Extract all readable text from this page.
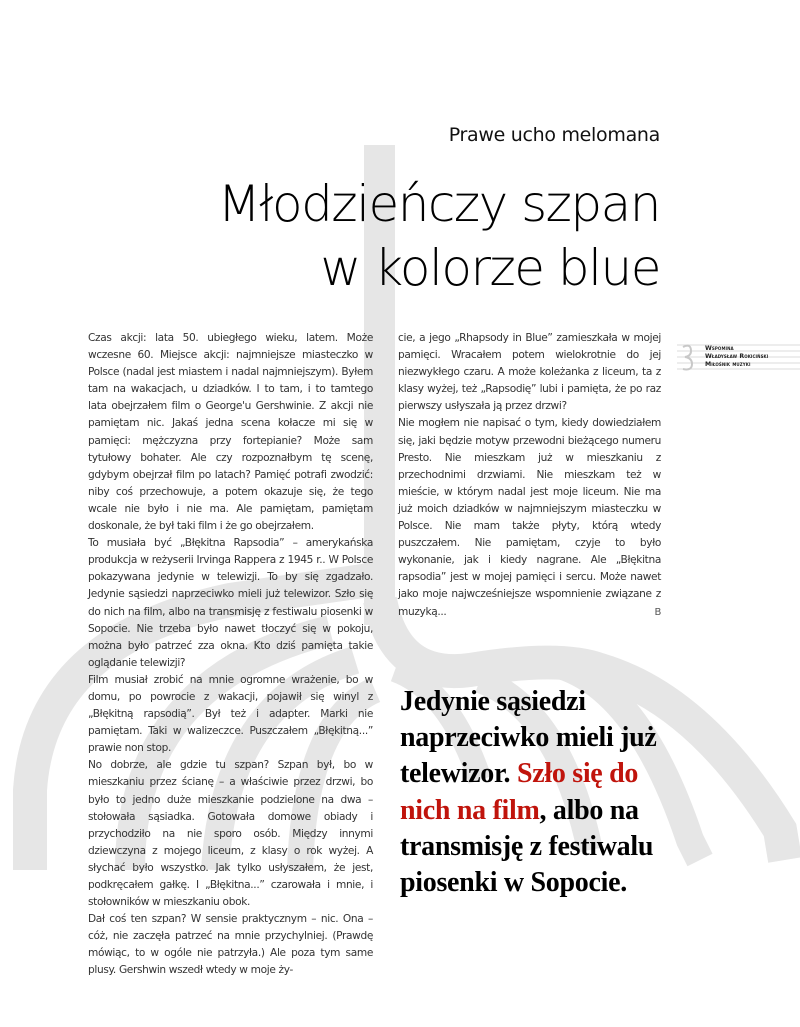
Prawe ucho melomana
Młodzieńczy szpan
w kolorze blue

Czas akcji: lata 50. ubiegłego wieku, latem. Może wczesne 60. Miejsce akcji: najmniejsze miasteczko w Polsce (nadal jest miastem i nadal najmniejszym). Byłem tam na wakacjach, u dziadków. I to tam, i to tamtego lata obejrzałem film o George'u Gershwinie. Z akcji nie pamiętam nic. Jakaś jedna scena kołacze mi się w pamięci: mężczyzna przy fortepianie? Może sam tytułowy bohater. Ale czy rozpoznałbym tę scenę, gdybym obejrzał film po latach? Pamięć potrafi zwodzić: niby coś przechowuje, a potem okazuje się, że tego wcale nie było i nie ma. Ale pamiętam, pamiętam doskonale, że był taki film i że go obejrzałem.

To musiała być „Błękitna Rapsodia” – amerykańska produkcja w reżyserii Irvinga Rappera z 1945 r.. W Polsce pokazywana jedynie w telewizji. To by się zgadzało. Jedynie sąsiedzi naprzeciwko mieli już telewizor. Szło się do nich na film, albo na transmisję z festiwalu piosenki w Sopocie. Nie trzeba było nawet tłoczyć się w pokoju, można było patrzeć zza okna. Kto dziś pamięta takie oglądanie telewizji?

Film musiał zrobić na mnie ogromne wrażenie, bo w domu, po powrocie z wakacji, pojawił się winyl z „Błękitną rapsodią”. Był też i adapter. Marki nie pamiętam. Taki w walizeczce. Puszczałem „Błękitną...” prawie non stop.

No dobrze, ale gdzie tu szpan? Szpan był, bo w mieszkaniu przez ścianę – a właściwie przez drzwi, bo było to jedno duże mieszkanie podzielone na dwa – stołowała sąsiadka. Gotowała domowe obiady i przychodziło na nie sporo osób. Między innymi dziewczyna z mojego liceum, z klasy o rok wyżej. A słychać było wszystko. Jak tylko usłyszałem, że jest, podkręcałem gałkę. I „Błękitna...” czarowała i mnie, i stołowników w mieszkaniu obok.

Dał coś ten szpan? W sensie praktycznym – nic. Ona – cóż, nie zaczęła patrzeć na mnie przychylniej. (Prawdę mówiąc, to w ogóle nie patrzyła.) Ale poza tym same plusy. Gershwin wszedł wtedy w moje ży-

cie, a jego „Rhapsody in Blue” zamieszkała w mojej pamięci. Wracałem potem wielokrotnie do jej niezwykłego czaru. A może koleżanka z liceum, ta z klasy wyżej, też „Rapsodię” lubi i pamięta, że po raz pierwszy usłyszała ją przez drzwi?

Nie mogłem nie napisać o tym, kiedy dowiedziałem się, jaki będzie motyw przewodni bieżącego numeru Presto. Nie mieszkam już w mieszkaniu z przechodnimi drzwiami. Nie mieszkam też w mieście, w którym nadal jest moje liceum. Nie ma już moich dziadków w najmniejszym miasteczku w Polsce. Nie mam także płyty, którą wtedy puszczałem. Nie pamiętam, czyje to było wykonanie, jak i kiedy nagrane. Ale „Błękitna rapsodia” jest w mojej pamięci i sercu. Może nawet jako moje najwcześniejsze wspomnienie związane z muzyką...	B

Wspomina
Władysław Rokiciński
Miłośnik muzyki
Jedynie sąsiedzi naprzeciwko mieli już telewizor. Szło się do nich na film, albo na transmisję z festiwalu piosenki w Sopocie.
